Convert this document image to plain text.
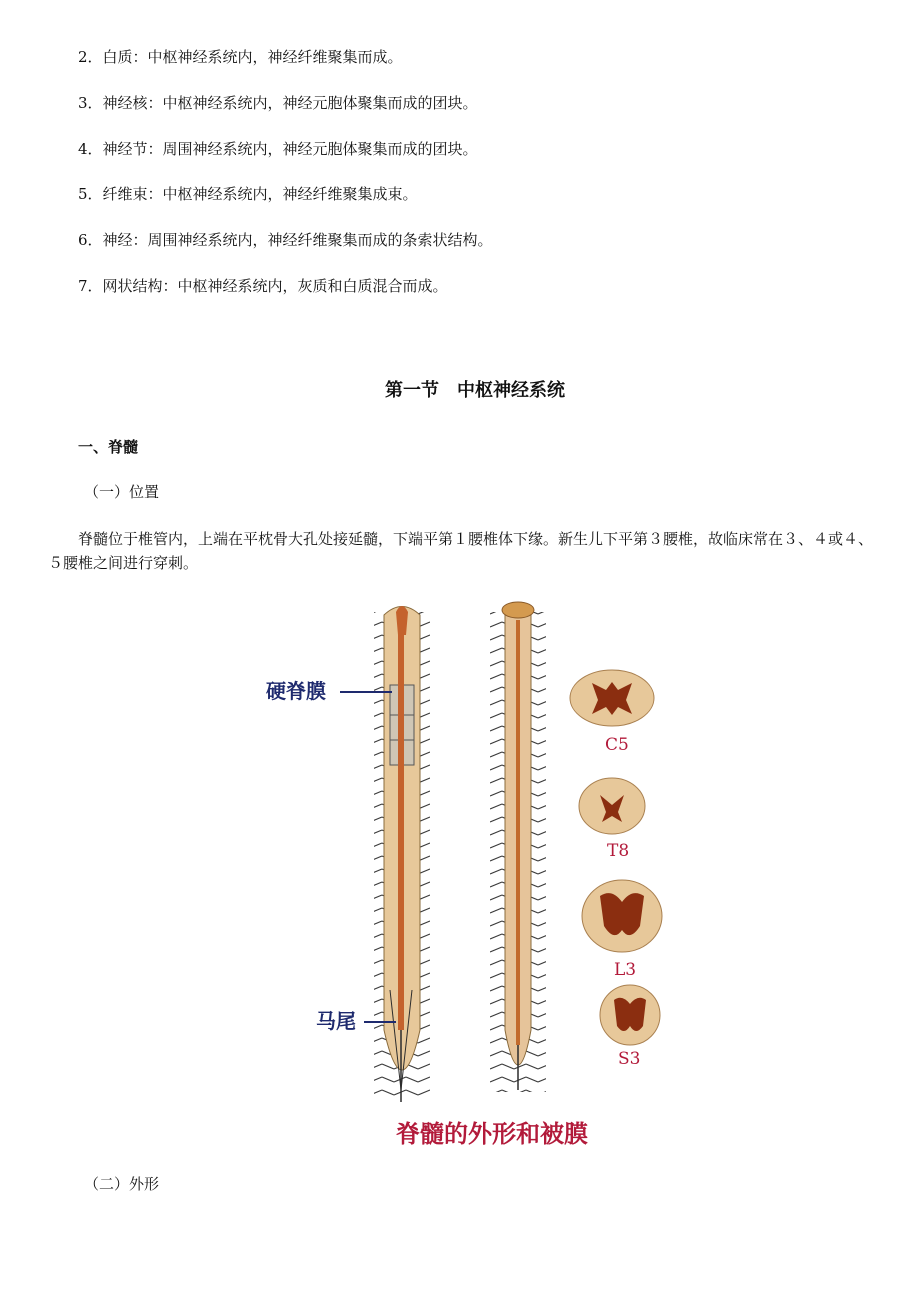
2．白质：中枢神经系统内，神经纤维聚集而成。
3．神经核：中枢神经系统内，神经元胞体聚集而成的团块。
4．神经节：周围神经系统内，神经元胞体聚集而成的团块。
5．纤维束：中枢神经系统内，神经纤维聚集成束。
6．神经：周围神经系统内，神经纤维聚集而成的条索状结构。
7．网状结构：中枢神经系统内，灰质和白质混合而成。
第一节　中枢神经系统
一、脊髓
（一）位置
脊髓位于椎管内，上端在平枕骨大孔处接延髓，下端平第１腰椎体下缘。新生儿下平第３腰椎，故临床常在３、４或４、５腰椎之间进行穿刺。
硬脊膜
马尾
C5
T8
L3
S3
脊髓的外形和被膜
（二）外形
